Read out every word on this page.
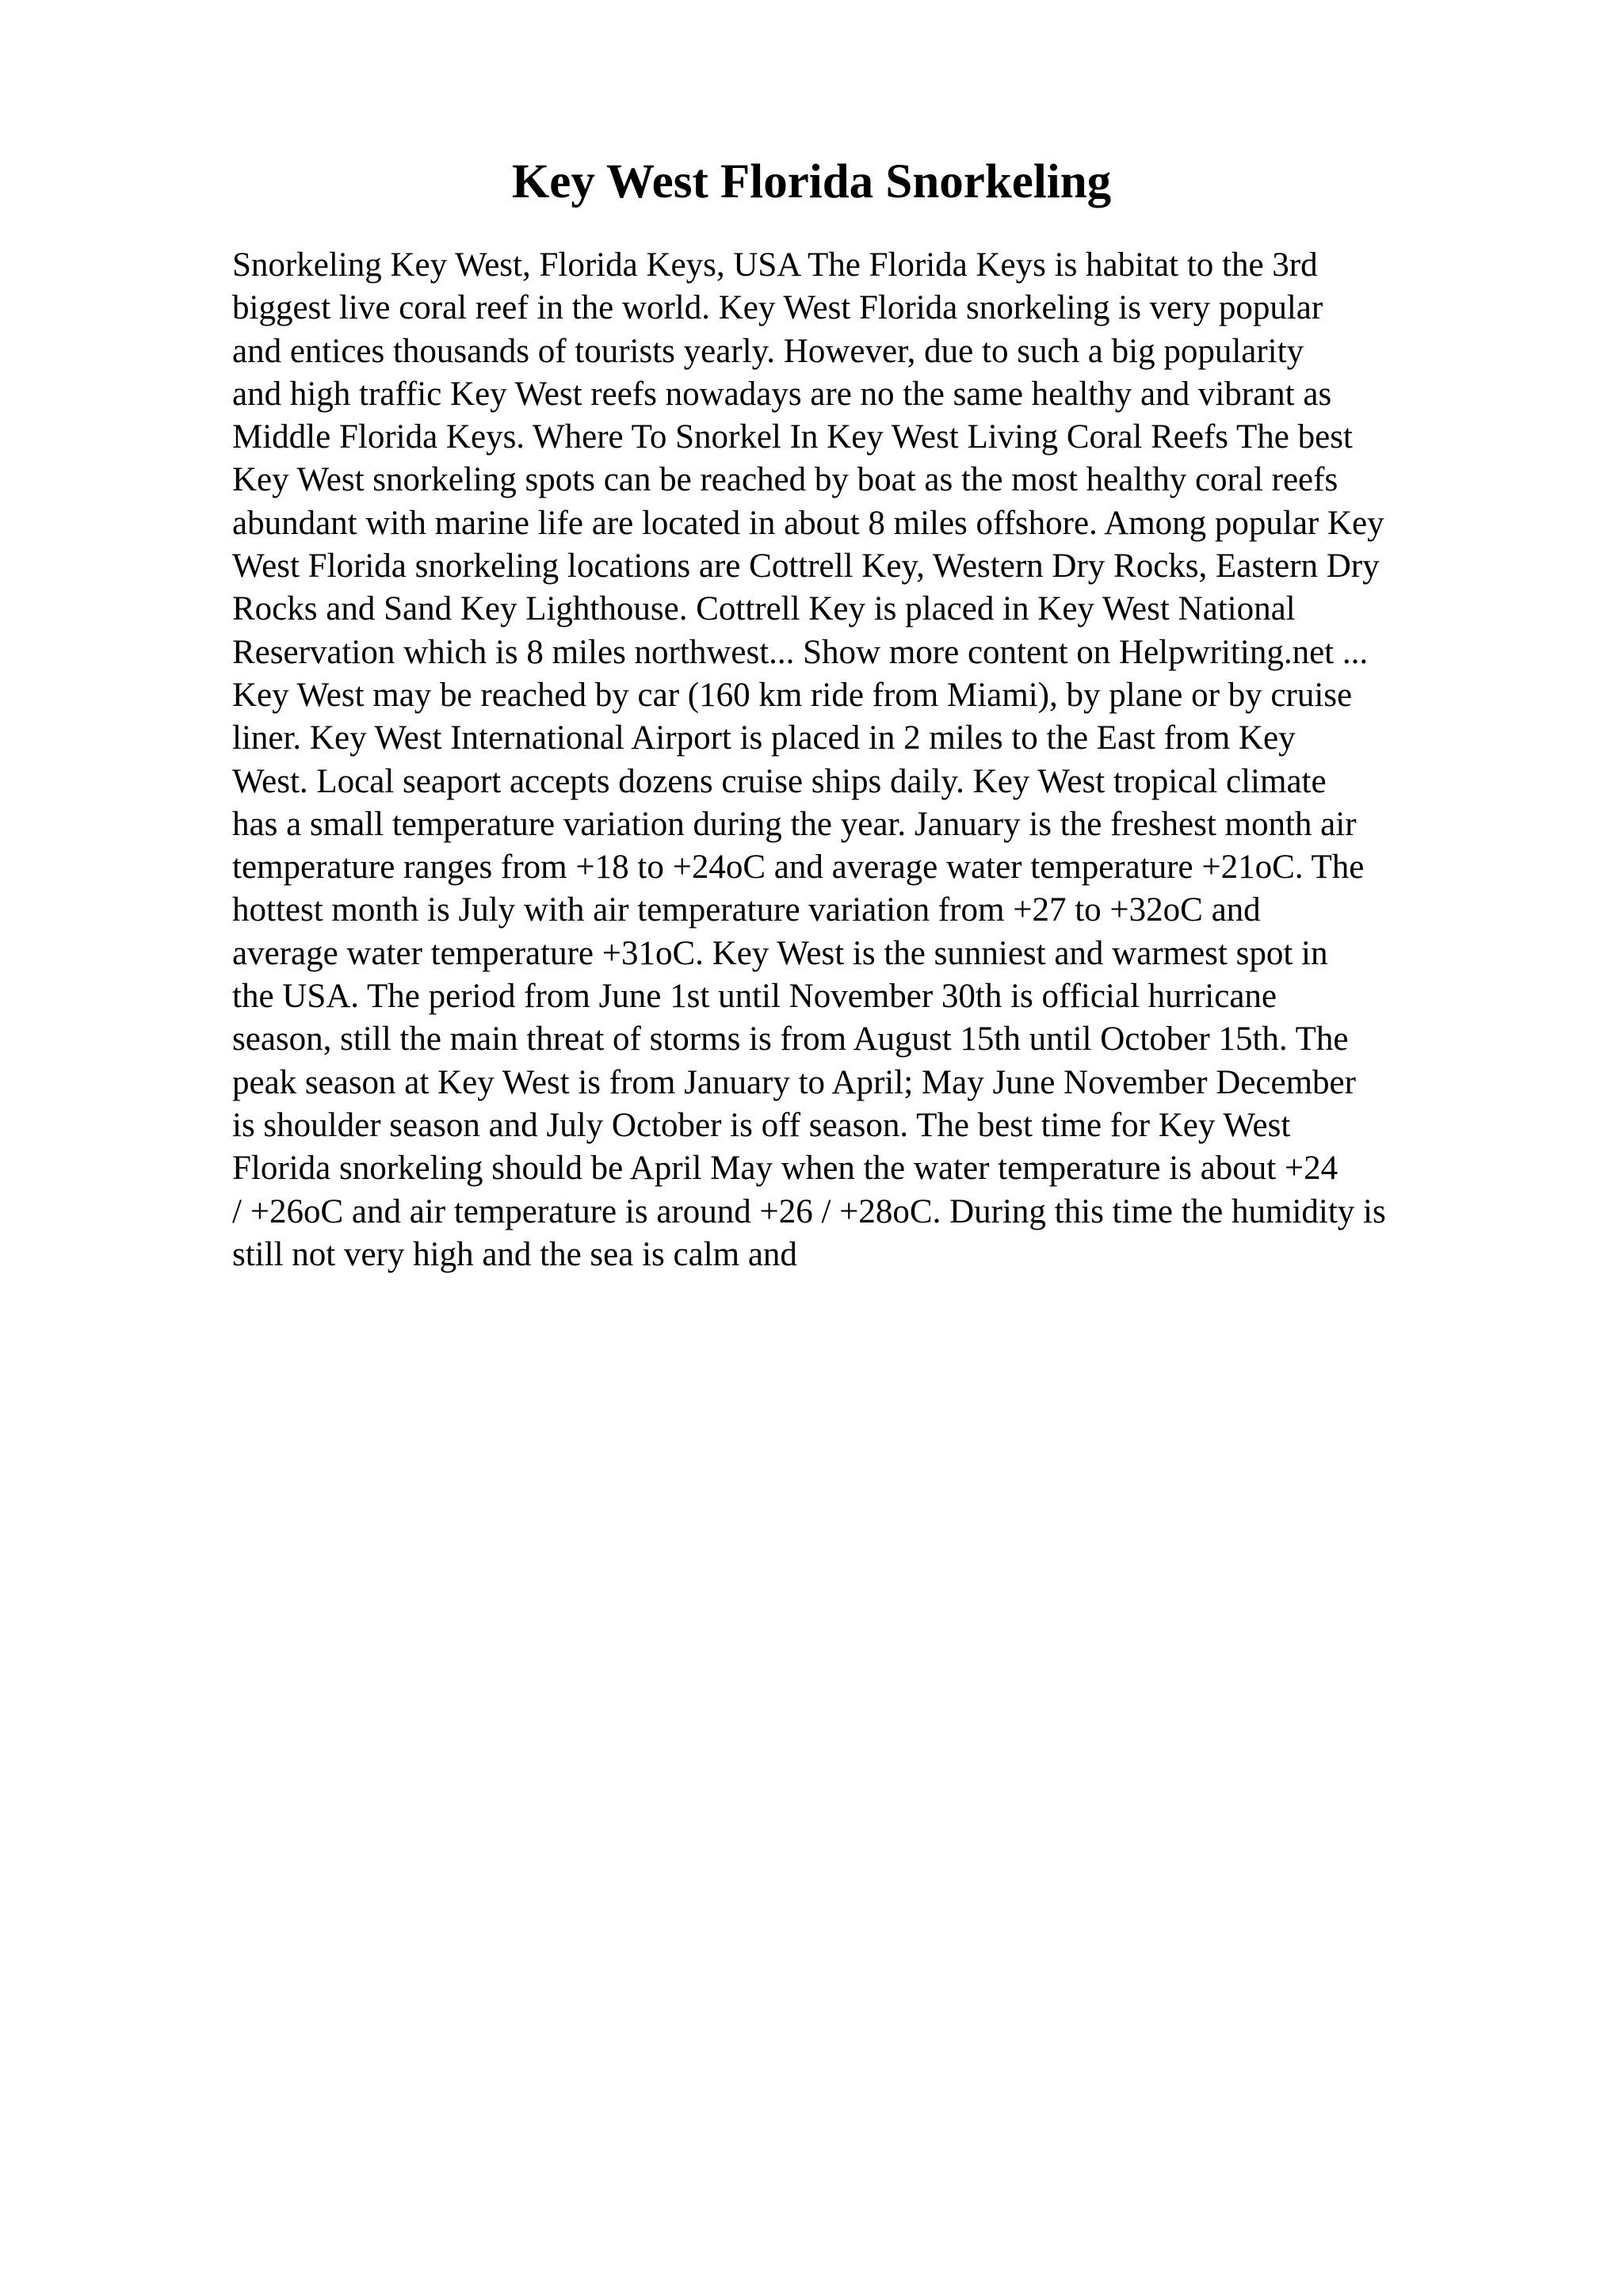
Key West Florida Snorkeling
Snorkeling Key West, Florida Keys, USA The Florida Keys is habitat to the 3rd
biggest live coral reef in the world. Key West Florida snorkeling is very popular
and entices thousands of tourists yearly. However, due to such a big popularity
and high traffic Key West reefs nowadays are no the same healthy and vibrant as
Middle Florida Keys. Where To Snorkel In Key West Living Coral Reefs The best
Key West snorkeling spots can be reached by boat as the most healthy coral reefs
abundant with marine life are located in about 8 miles offshore. Among popular Key
West Florida snorkeling locations are Cottrell Key, Western Dry Rocks, Eastern Dry
Rocks and Sand Key Lighthouse. Cottrell Key is placed in Key West National
Reservation which is 8 miles northwest... Show more content on Helpwriting.net ...
Key West may be reached by car (160 km ride from Miami), by plane or by cruise
liner. Key West International Airport is placed in 2 miles to the East from Key
West. Local seaport accepts dozens cruise ships daily. Key West tropical climate
has a small temperature variation during the year. January is the freshest month air
temperature ranges from +18 to +24oC and average water temperature +21oC. The
hottest month is July with air temperature variation from +27 to +32oC and
average water temperature +31oC. Key West is the sunniest and warmest spot in
the USA. The period from June 1st until November 30th is official hurricane
season, still the main threat of storms is from August 15th until October 15th. The
peak season at Key West is from January to April; May June November December
is shoulder season and July October is off season. The best time for Key West
Florida snorkeling should be April May when the water temperature is about +24
/ +26oC and air temperature is around +26 / +28oC. During this time the humidity is
still not very high and the sea is calm and
